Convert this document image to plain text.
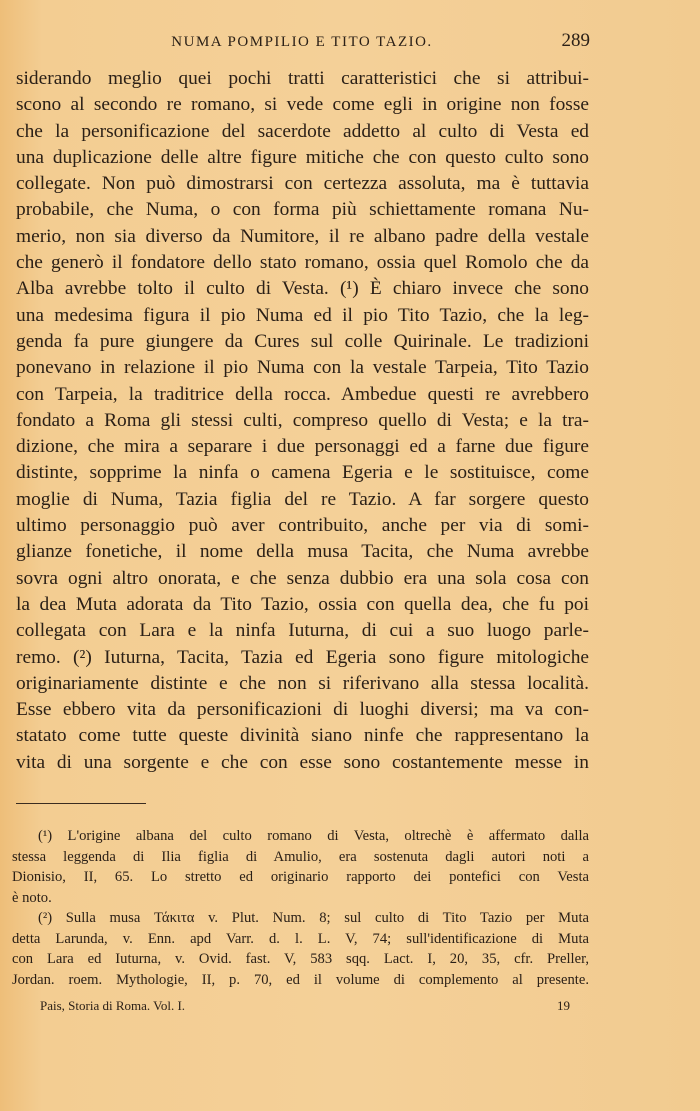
NUMA POMPILIO E TITO TAZIO.	289
siderando meglio quei pochi tratti caratteristici che si attribui-
scono al secondo re romano, si vede come egli in origine non fosse
che la personificazione del sacerdote addetto al culto di Vesta ed
una duplicazione delle altre figure mitiche che con questo culto sono
collegate. Non può dimostrarsi con certezza assoluta, ma è tuttavia
probabile, che Numa, o con forma più schiettamente romana Nu-
merio, non sia diverso da Numitore, il re albano padre della vestale
che generò il fondatore dello stato romano, ossia quel Romolo che da
Alba avrebbe tolto il culto di Vesta. (¹) È chiaro invece che sono
una medesima figura il pio Numa ed il pio Tito Tazio, che la leg-
genda fa pure giungere da Cures sul colle Quirinale. Le tradizioni
ponevano in relazione il pio Numa con la vestale Tarpeia, Tito Tazio
con Tarpeia, la traditrice della rocca. Ambedue questi re avrebbero
fondato a Roma gli stessi culti, compreso quello di Vesta; e la tra-
dizione, che mira a separare i due personaggi ed a farne due figure
distinte, sopprime la ninfa o camena Egeria e le sostituisce, come
moglie di Numa, Tazia figlia del re Tazio. A far sorgere questo
ultimo personaggio può aver contribuito, anche per via di somi-
glianze fonetiche, il nome della musa Tacita, che Numa avrebbe
sovra ogni altro onorata, e che senza dubbio era una sola cosa con
la dea Muta adorata da Tito Tazio, ossia con quella dea, che fu poi
collegata con Lara e la ninfa Iuturna, di cui a suo luogo parle-
remo. (²) Iuturna, Tacita, Tazia ed Egeria sono figure mitologiche
originariamente distinte e che non si riferivano alla stessa località.
Esse ebbero vita da personificazioni di luoghi diversi; ma va con-
statato come tutte queste divinità siano ninfe che rappresentano la
vita di una sorgente e che con esse sono costantemente messe in
(¹) L'origine albana del culto romano di Vesta, oltrechè è affermato dalla
stessa leggenda di Ilia figlia di Amulio, era sostenuta dagli autori noti a
Dionisio, II, 65. Lo stretto ed originario rapporto dei pontefici con Vesta
è noto.
(²) Sulla musa Τάκιτα v. Plut. Num. 8; sul culto di Tito Tazio per Muta
detta Larunda, v. Enn. apd Varr. d. l. L. V, 74; sull'identificazione di Muta
con Lara ed Iuturna, v. Ovid. fast. V, 583 sqq. Lact. I, 20, 35, cfr. Preller,
Jordan. roem. Mythologie, II, p. 70, ed il volume di complemento al presente.
Pais, Storia di Roma. Vol. I.	19
